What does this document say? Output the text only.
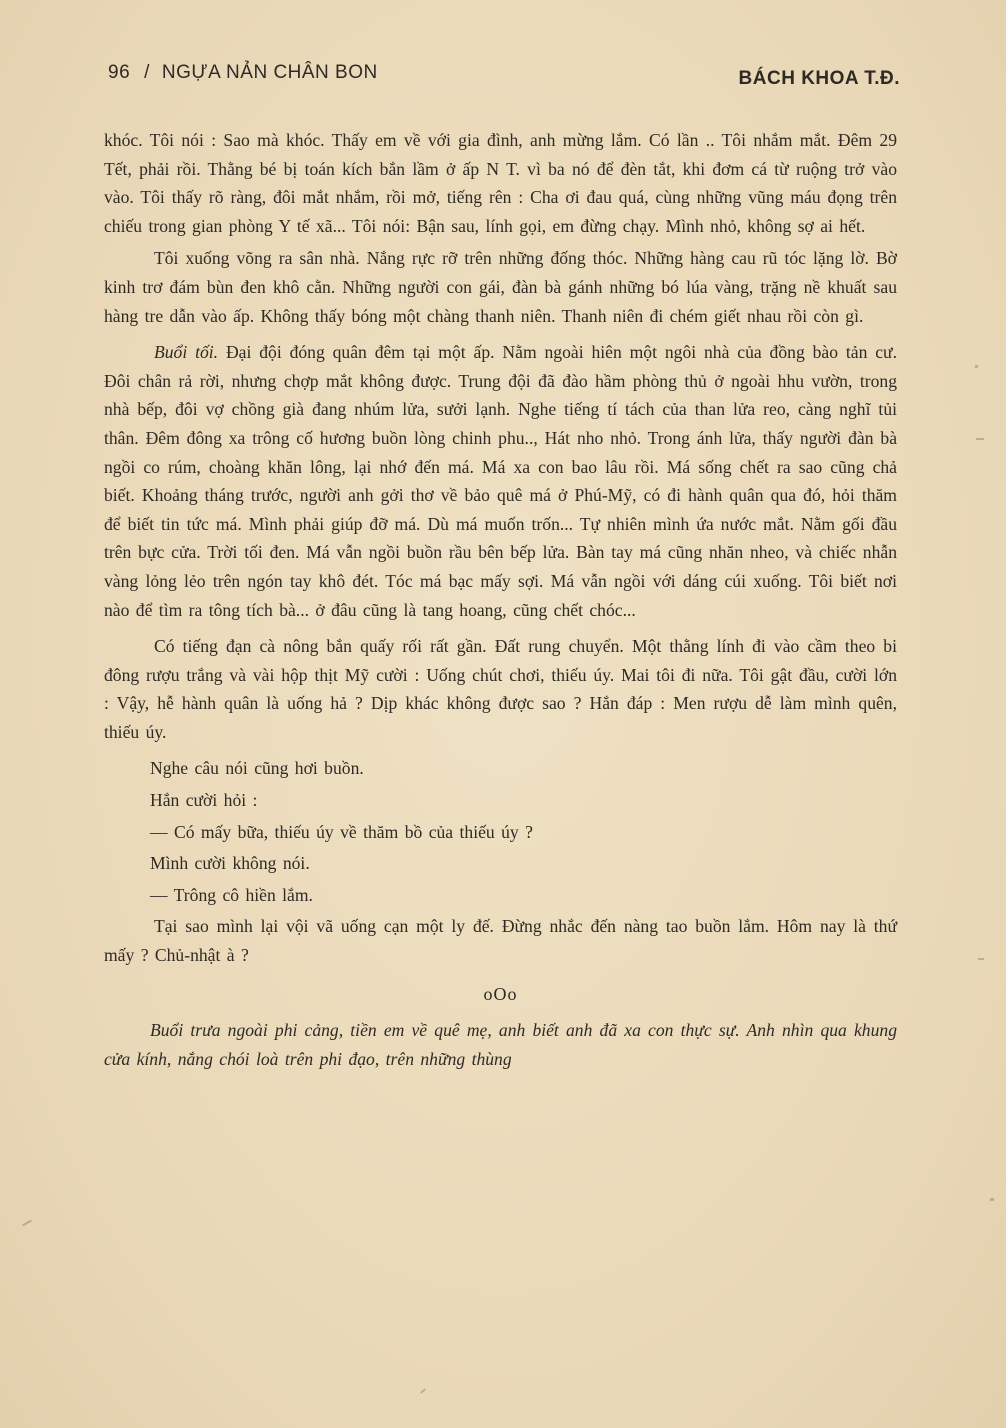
96 / NGỰA NẢN CHÂN BON	BÁCH KHOA T.Đ.

khóc. Tôi nói : Sao mà khóc. Thấy em về với gia đình, anh mừng lắm. Có lần .. Tôi nhắm mắt. Đêm 29 Tết, phải rồi. Thằng bé bị toán kích bắn lầm ở ấp N T. vì ba nó để đèn tắt, khi đơm cá từ ruộng trở vào vào. Tôi thấy rõ ràng, đôi mắt nhắm, rồi mở, tiếng rên : Cha ơi đau quá, cùng những vũng máu đọng trên chiếu trong gian phòng Y tế xã... Tôi nói: Bận sau, lính gọi, em đừng chạy. Mình nhỏ, không sợ ai hết.

Tôi xuống võng ra sân nhà. Nắng rực rỡ trên những đống thóc. Những hàng cau rũ tóc lặng lờ. Bờ kinh trơ đám bùn đen khô cằn. Những người con gái, đàn bà gánh những bó lúa vàng, trặng nề khuất sau hàng tre dẫn vào ấp. Không thấy bóng một chàng thanh niên. Thanh niên đi chém giết nhau rồi còn gì.

Buổi tối. Đại đội đóng quân đêm tại một ấp. Nằm ngoài hiên một ngôi nhà của đồng bào tản cư. Đôi chân rả rời, nhưng chợp mắt không được. Trung đội đã đào hầm phòng thủ ở ngoài hhu vườn, trong nhà bếp, đôi vợ chồng già đang nhúm lửa, sưởi lạnh. Nghe tiếng tí tách của than lửa reo, càng nghĩ tủi thân. Đêm đông xa trông cố hương buồn lòng chinh phu.., Hát nho nhỏ. Trong ánh lửa, thấy người đàn bà ngồi co rúm, choàng khăn lông, lại nhớ đến má. Má xa con bao lâu rồi. Má sống chết ra sao cũng chả biết. Khoảng tháng trước, người anh gởi thơ về bảo quê má ở Phú-Mỹ, có đi hành quân qua đó, hỏi thăm để biết tin tức má. Mình phải giúp đỡ má. Dù má muốn trốn... Tự nhiên mình ứa nước mắt. Nằm gối đầu trên bực cửa. Trời tối đen. Má vẫn ngồi buồn rầu bên bếp lửa. Bàn tay má cũng nhăn nheo, và chiếc nhẫn vàng lỏng lẻo trên ngón tay khô đét. Tóc má bạc mấy sợi. Má vẫn ngồi với dáng cúi xuống. Tôi biết nơi nào để tìm ra tông tích bà... ở đâu cũng là tang hoang, cũng chết chóc...

Có tiếng đạn cà nông bắn quấy rối rất gần. Đất rung chuyển. Một thằng lính đi vào cầm theo bi đông rượu trắng và vài hộp thịt Mỹ cười : Uống chút chơi, thiếu úy. Mai tôi đi nữa. Tôi gật đầu, cười lớn : Vậy, hễ hành quân là uống hả ? Dịp khác không được sao ? Hắn đáp : Men rượu dễ làm mình quên, thiếu úy.

Nghe câu nói cũng hơi buồn.

Hắn cười hỏi :

— Có mấy bữa, thiếu úy về thăm bồ của thiếu úy ?

Mình cười không nói.

— Trông cô hiền lắm.

Tại sao mình lại vội vã uống cạn một ly đế. Đừng nhắc đến nàng tao buồn lắm. Hôm nay là thứ mấy ? Chủ-nhật à ?

oOo

Buổi trưa ngoài phi cảng, tiền em về quê mẹ, anh biết anh đã xa con thực sự. Anh nhìn qua khung cửa kính, nắng chói loà trên phi đạo, trên những thùng
